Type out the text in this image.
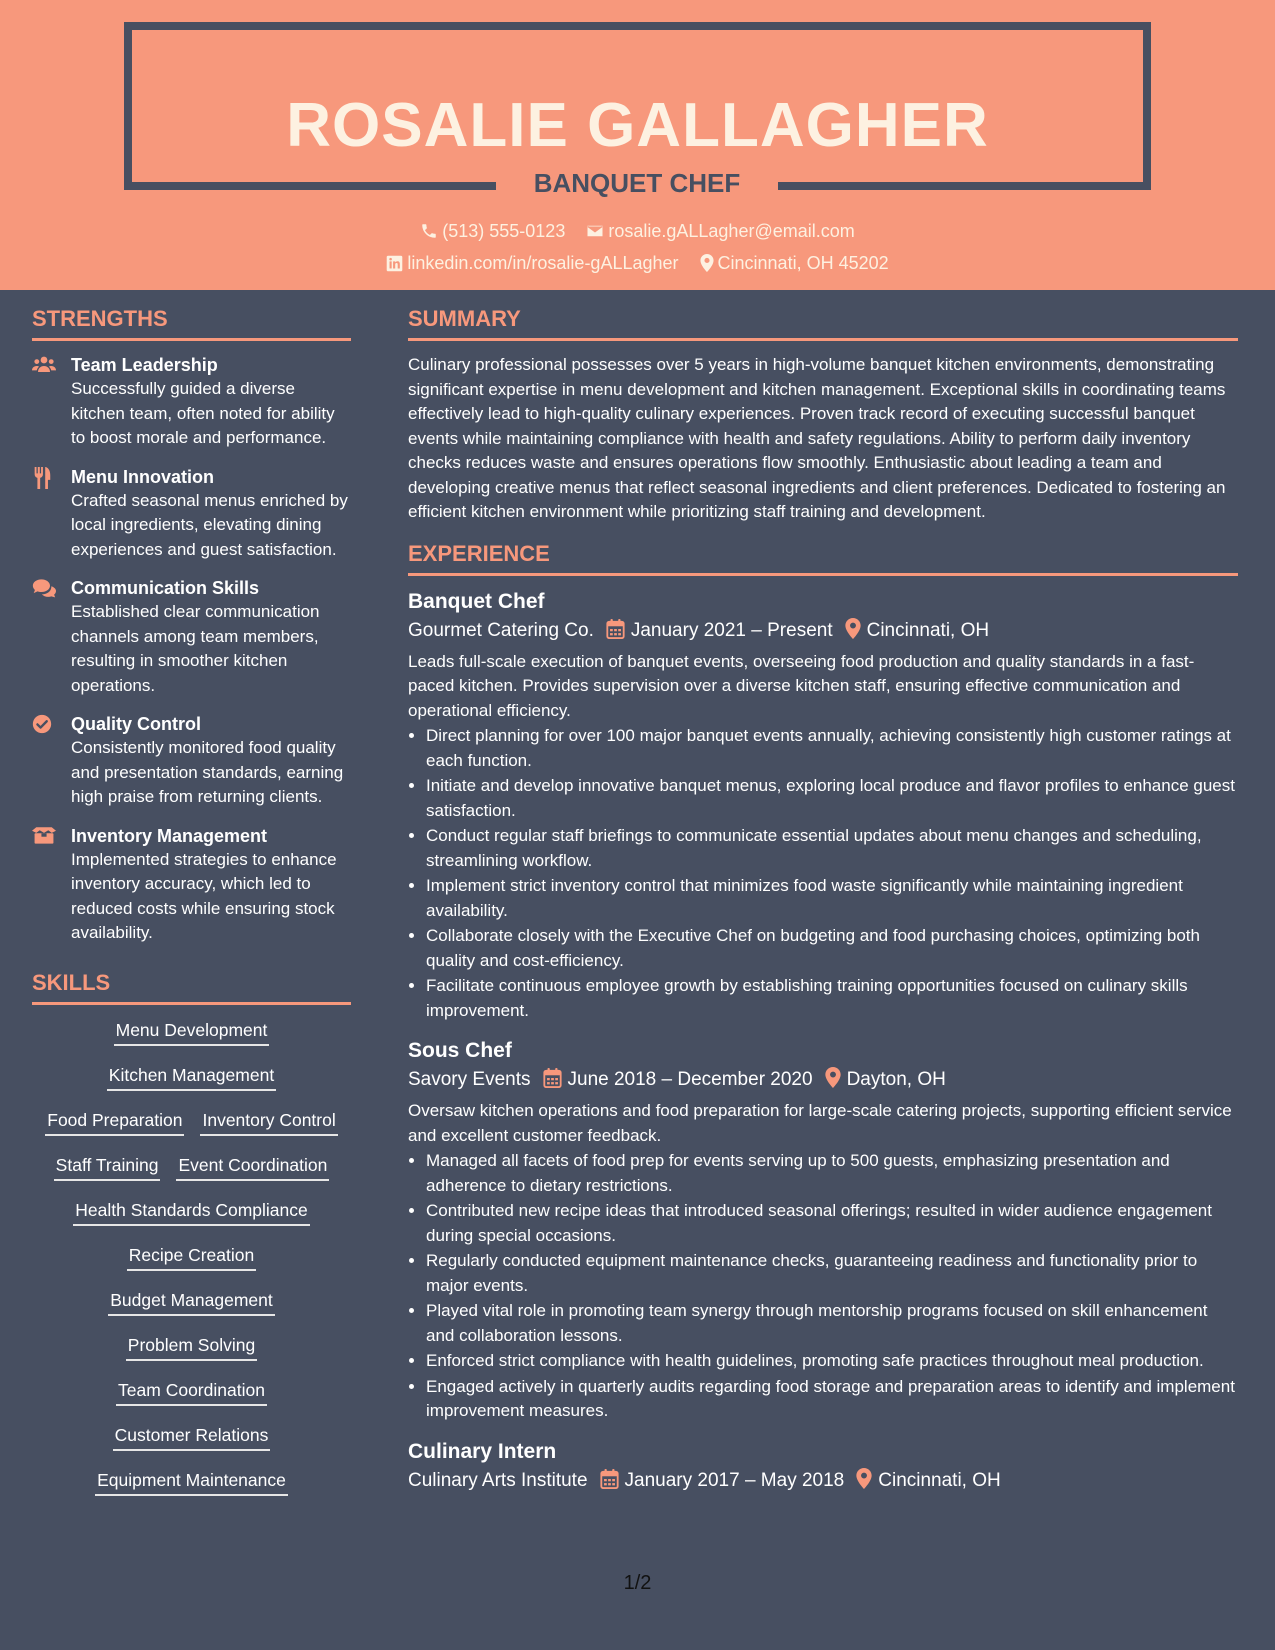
ROSALIE GALLAGHER
BANQUET CHEF
(513) 555-0123 rosalie.gALLagher@email.com
linkedin.com/in/rosalie-gALLagher Cincinnati, OH 45202
STRENGTHS
Team Leadership
Successfully guided a diverse kitchen team, often noted for ability to boost morale and performance.
Menu Innovation
Crafted seasonal menus enriched by local ingredients, elevating dining experiences and guest satisfaction.
Communication Skills
Established clear communication channels among team members, resulting in smoother kitchen operations.
Quality Control
Consistently monitored food quality and presentation standards, earning high praise from returning clients.
Inventory Management
Implemented strategies to enhance inventory accuracy, which led to reduced costs while ensuring stock availability.
SKILLS
Menu Development
Kitchen Management
Food Preparation Inventory Control
Staff Training Event Coordination
Health Standards Compliance
Recipe Creation
Budget Management
Problem Solving
Team Coordination
Customer Relations
Equipment Maintenance
SUMMARY

Culinary professional possesses over 5 years in high-volume banquet kitchen environments, demonstrating significant expertise in menu development and kitchen management. Exceptional skills in coordinating teams effectively lead to high-quality culinary experiences. Proven track record of executing successful banquet events while maintaining compliance with health and safety regulations. Ability to perform daily inventory checks reduces waste and ensures operations flow smoothly. Enthusiastic about leading a team and developing creative menus that reflect seasonal ingredients and client preferences. Dedicated to fostering an efficient kitchen environment while prioritizing staff training and development.

EXPERIENCE
Banquet Chef
Gourmet Catering Co. January 2021 – Present Cincinnati, OH
Leads full-scale execution of banquet events, overseeing food production and quality standards in a fast-paced kitchen. Provides supervision over a diverse kitchen staff, ensuring effective communication and operational efficiency.
• Direct planning for over 100 major banquet events annually, achieving consistently high customer ratings at each function.
• Initiate and develop innovative banquet menus, exploring local produce and flavor profiles to enhance guest satisfaction.
• Conduct regular staff briefings to communicate essential updates about menu changes and scheduling, streamlining workflow.
• Implement strict inventory control that minimizes food waste significantly while maintaining ingredient availability.
• Collaborate closely with the Executive Chef on budgeting and food purchasing choices, optimizing both quality and cost-efficiency.
• Facilitate continuous employee growth by establishing training opportunities focused on culinary skills improvement.
Sous Chef
Savory Events June 2018 – December 2020 Dayton, OH
Oversaw kitchen operations and food preparation for large-scale catering projects, supporting efficient service and excellent customer feedback.
• Managed all facets of food prep for events serving up to 500 guests, emphasizing presentation and adherence to dietary restrictions.
• Contributed new recipe ideas that introduced seasonal offerings; resulted in wider audience engagement during special occasions.
• Regularly conducted equipment maintenance checks, guaranteeing readiness and functionality prior to major events.
• Played vital role in promoting team synergy through mentorship programs focused on skill enhancement and collaboration lessons.
• Enforced strict compliance with health guidelines, promoting safe practices throughout meal production.
• Engaged actively in quarterly audits regarding food storage and preparation areas to identify and implement improvement measures.
Culinary Intern
Culinary Arts Institute January 2017 – May 2018 Cincinnati, OH
1/2
